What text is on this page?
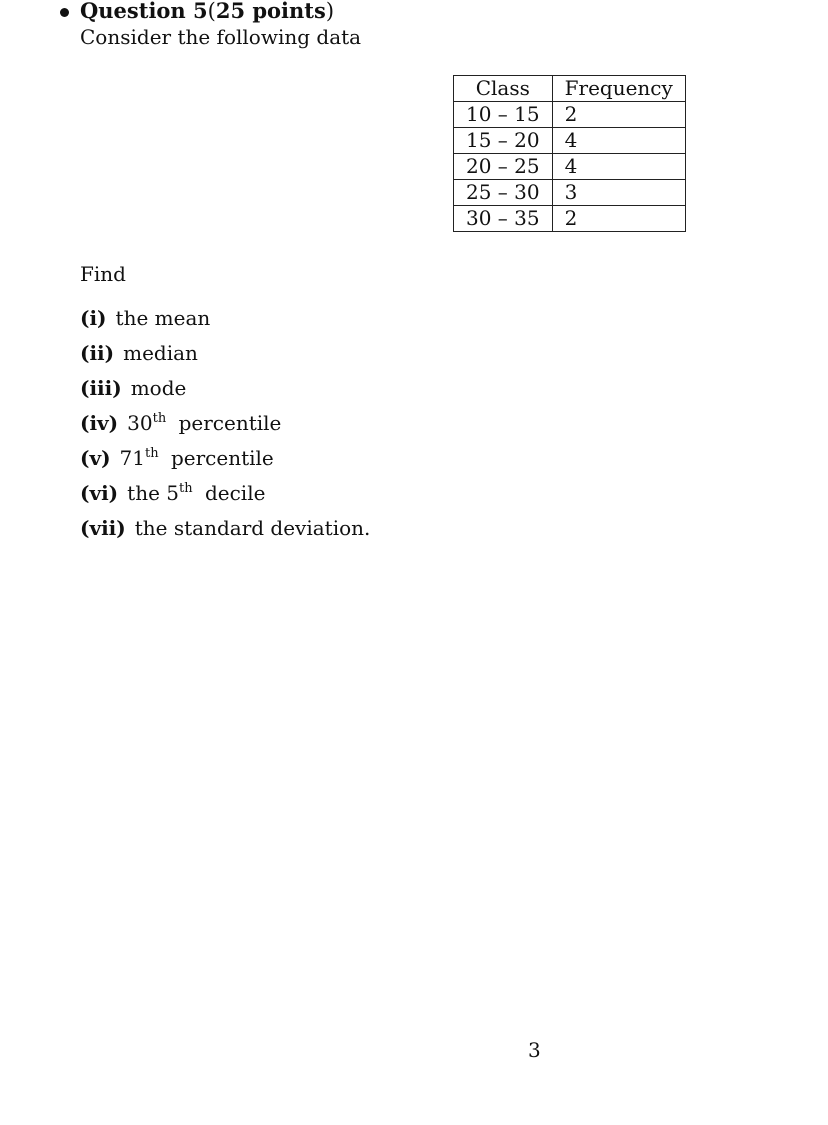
Question 5(25 points)
Consider the following data
Class	Frequency
10 – 15	2
15 – 20	4
20 – 25	4
25 – 30	3
30 – 35	2
Find
(i) the mean
(ii) median
(iii) mode
(iv) 30th percentile
(v) 71th percentile
(vi) the 5th decile
(vii) the standard deviation.
3
